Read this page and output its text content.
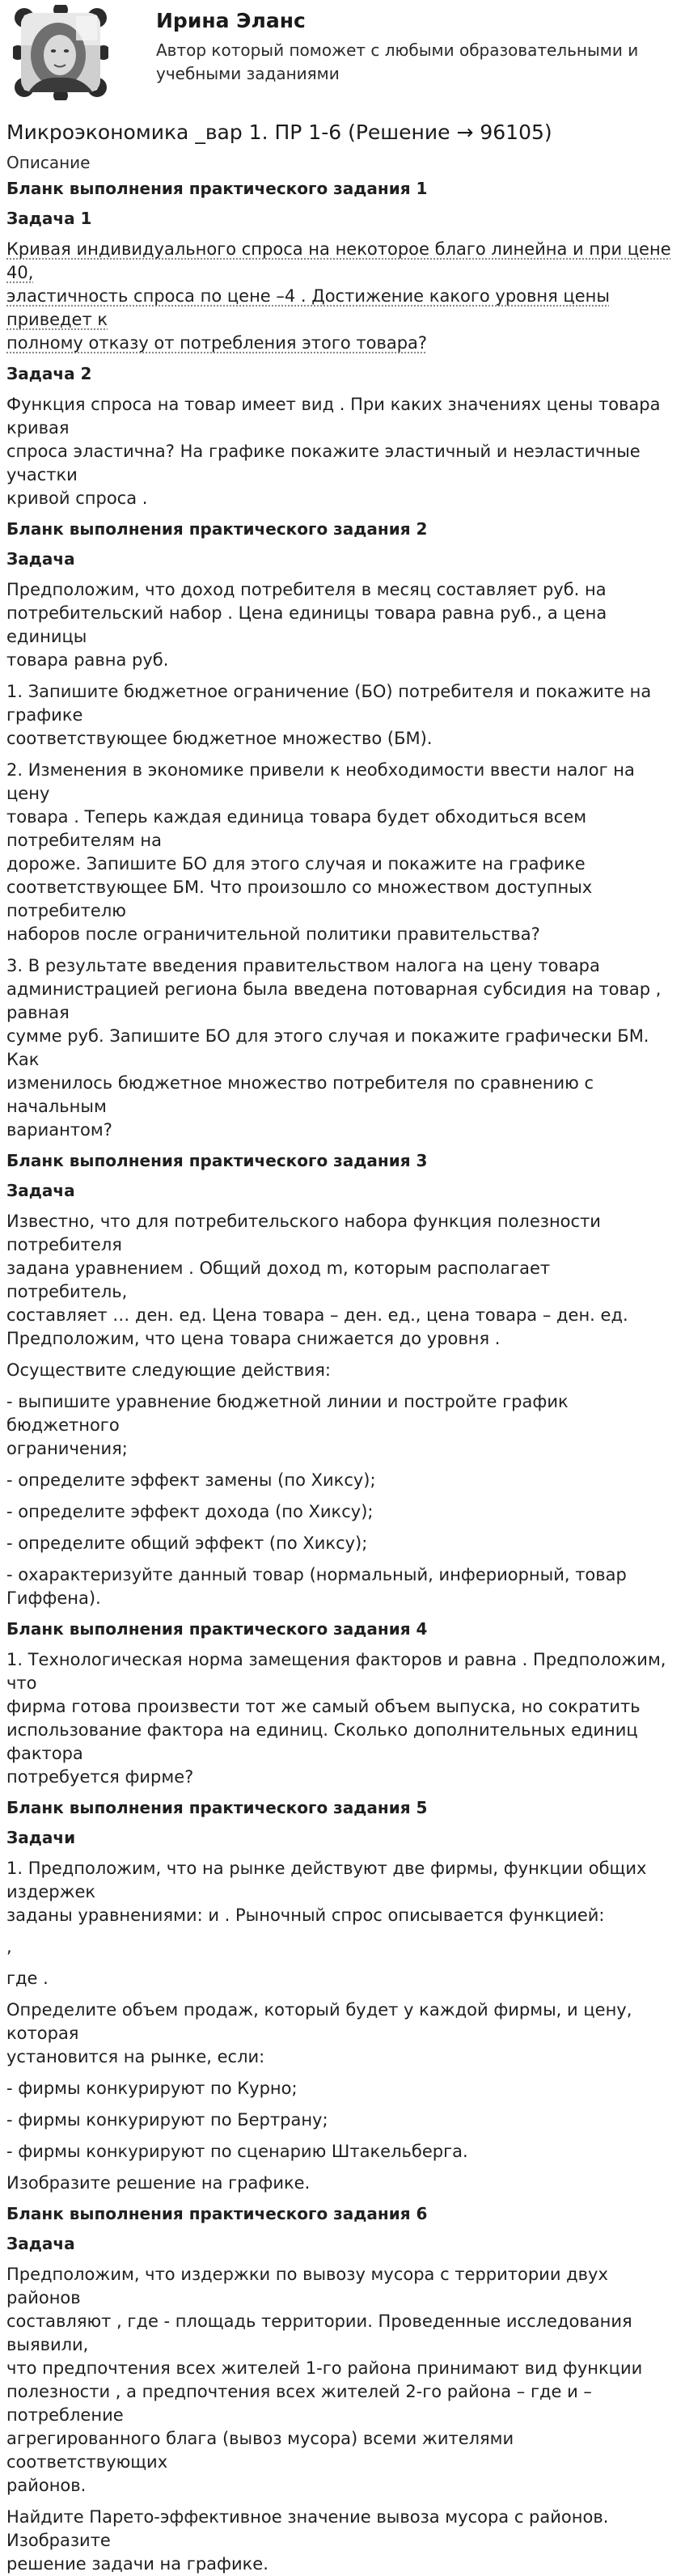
Ирина Эланс
Автор который поможет с любыми образовательными и учебными заданиями
Микроэкономика _вар 1. ПР 1-6 (Решение → 96105)
Описание
Бланк выполнения практического задания 1
Задача 1

Кривая индивидуального спроса на некоторое благо линейна и при цене 40,
эластичность спроса по цене –4 . Достижение какого уровня цены приведет к
полному отказу от потребления этого товара?

Задача 2

Функция спроса на товар имеет вид . При каких значениях цены товара кривая
спроса эластична? На графике покажите эластичный и неэластичные участки
кривой спроса .

Бланк выполнения практического задания 2
Задача

Предположим, что доход потребителя в месяц составляет руб. на
потребительский набор . Цена единицы товара равна руб., а цена единицы
товара равна руб.

1. Запишите бюджетное ограничение (БО) потребителя и покажите на графике
соответствующее бюджетное множество (БМ).

2. Изменения в экономике привели к необходимости ввести налог на цену
товара . Теперь каждая единица товара будет обходиться всем потребителям на
дороже. Запишите БО для этого случая и покажите на графике
соответствующее БМ. Что произошло со множеством доступных потребителю
наборов после ограничительной политики правительства?

3. В результате введения правительством налога на цену товара
администрацией региона была введена потоварная субсидия на товар , равная
сумме руб. Запишите БО для этого случая и покажите графически БМ. Как
изменилось бюджетное множество потребителя по сравнению с начальным
вариантом?

Бланк выполнения практического задания 3
Задача

Известно, что для потребительского набора функция полезности потребителя
задана уравнением . Общий доход m, которым располагает потребитель,
составляет … ден. ед. Цена товара – ден. ед., цена товара – ден. ед.
Предположим, что цена товара снижается до уровня .

Осуществите следующие действия:

- выпишите уравнение бюджетной линии и постройте график бюджетного
ограничения;

- определите эффект замены (по Хиксу);

- определите эффект дохода (по Хиксу);

- определите общий эффект (по Хиксу);

- охарактеризуйте данный товар (нормальный, инфериорный, товар Гиффена).

Бланк выполнения практического задания 4

1. Технологическая норма замещения факторов и равна . Предположим, что
фирма готова произвести тот же самый объем выпуска, но сократить
использование фактора на единиц. Сколько дополнительных единиц фактора
потребуется фирме?

Бланк выполнения практического задания 5
Задачи

1. Предположим, что на рынке действуют две фирмы, функции общих издержек
заданы уравнениями: и . Рыночный спрос описывается функцией:

,

где .

Определите объем продаж, который будет у каждой фирмы, и цену, которая
установится на рынке, если:

- фирмы конкурируют по Курно;

- фирмы конкурируют по Бертрану;

- фирмы конкурируют по сценарию Штакельберга.

Изобразите решение на графике.

Бланк выполнения практического задания 6
Задача

Предположим, что издержки по вывозу мусора с территории двух районов
составляют , где - площадь территории. Проведенные исследования выявили,
что предпочтения всех жителей 1-го района принимают вид функции
полезности , а предпочтения всех жителей 2-го района – где и – потребление
агрегированного блага (вывоз мусора) всеми жителями соответствующих
районов.

Найдите Парето-эффективное значение вывоза мусора с районов. Изобразите
решение задачи на графике.
